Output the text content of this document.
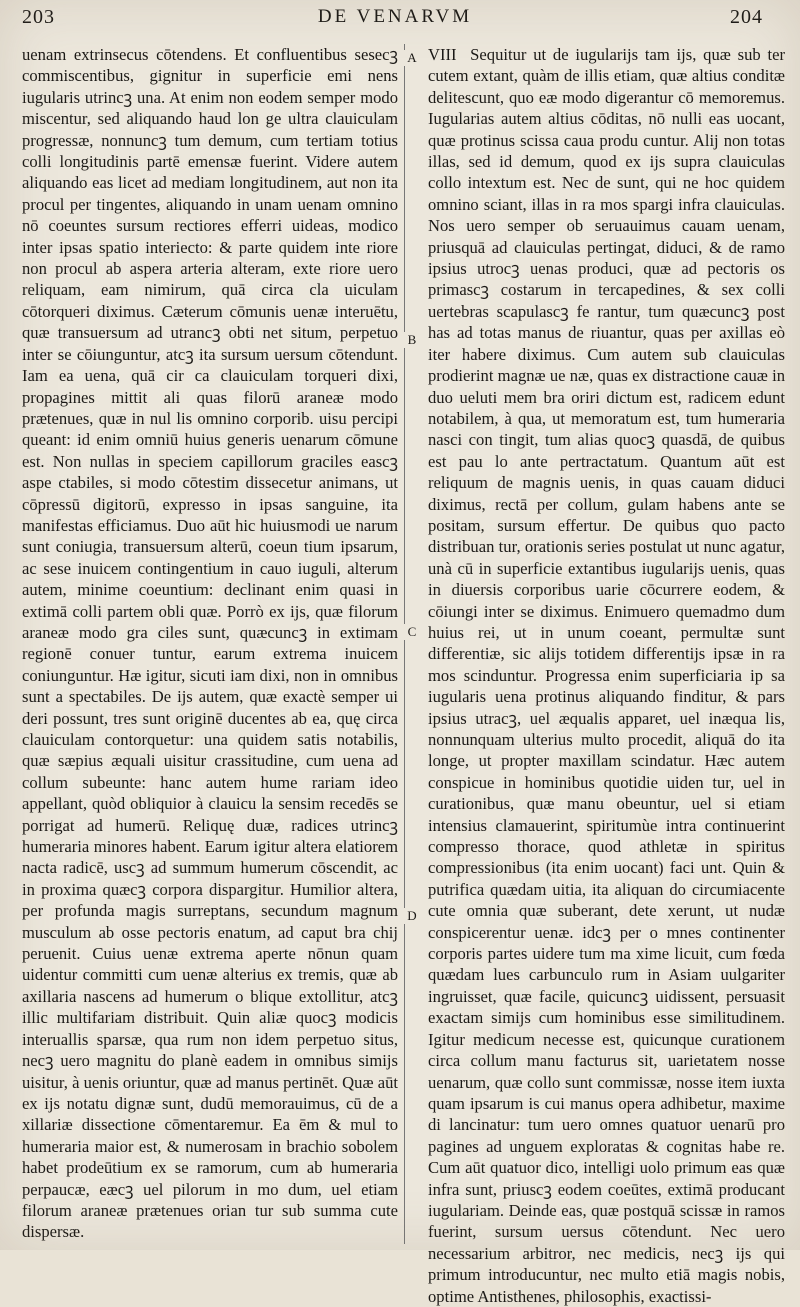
203	DE VENARVM	204

uenam extrinsecus cōtendens. Et confluentibus sesecꝫ commiscentibus, gignitur in superficie emi nens iugularis utrincꝫ una. At enim non eodem semper modo miscentur, sed aliquando haud lon ge ultra clauiculam progressæ, nonnuncꝫ tum demum, cum tertiam totius colli longitudinis partē emensæ fuerint. Videre autem aliquando eas licet ad mediam longitudinem, aut non ita procul per tingentes, aliquando in unam uenam omnino nō coeuntes sursum rectiores efferri uideas, modico inter ipsas spatio interiecto: & parte quidem inte riore non procul ab aspera arteria alteram, exte riore uero reliquam, eam nimirum, quā circa cla uiculam cōtorqueri diximus. Cæterum cōmunis uenæ interuētu, quæ transuersum ad utrancꝫ obti net situm, perpetuo inter se cōiunguntur, atcꝫ ita sursum uersum cōtendunt. Iam ea uena, quā cir ca clauiculam torqueri dixi, propagines mittit ali quas filorū araneæ modo prætenues, quæ in nul lis omnino corporib. uisu percipi queant: id enim omniū huius generis uenarum cōmune est. Non nullas in speciem capillorum graciles eascꝫ aspe ctabiles, si modo cōtestim dissecetur animans, ut cōpressū digitorū, expresso in ipsas sanguine, ita manifestas efficiamus. Duo aūt hic huiusmodi ue narum sunt coniugia, transuersum alterū, coeun tium ipsarum, ac sese inuicem contingentium in cauo iuguli, alterum autem, minime coeuntium: declinant enim quasi in extimā colli partem obli quæ. Porrò ex ijs, quæ filorum araneæ modo gra ciles sunt, quæcuncꝫ in extimam regionē conuer tuntur, earum extrema inuicem coniunguntur. Hæ igitur, sicuti iam dixi, non in omnibus sunt a spectabiles. De ijs autem, quæ exactè semper ui deri possunt, tres sunt originē ducentes ab ea, quę circa clauiculam contorquetur: una quidem satis notabilis, quæ sæpius æquali uisitur crassitudine, cum uena ad collum subeunte: hanc autem hume rariam ideo appellant, quòd obliquior à clauicu la sensim recedēs se porrigat ad humerū. Reliquę duæ, radices utrincꝫ humeraria minores habent. Earum igitur altera elatiorem nacta radicē, uscꝫ ad summum humerum cōscendit, ac in proxima quæcꝫ corpora dispargitur. Humilior altera, per profunda magis surreptans, secundum magnum musculum ab osse pectoris enatum, ad caput bra chij peruenit. Cuius uenæ extrema aperte nōnun quam uidentur committi cum uenæ alterius ex tremis, quæ ab axillaria nascens ad humerum o blique extollitur, atcꝫ illic multifariam distribuit. Quin aliæ quocꝫ modicis interuallis sparsæ, qua rum non idem perpetuo situs, necꝫ uero magnitu do planè eadem in omnibus simijs uisitur, à uenis oriuntur, quæ ad manus pertinēt. Quæ aūt ex ijs notatu dignæ sunt, dudū memorauimus, cū de a xillariæ dissectione cōmentaremur. Ea ēm & mul to humeraria maior est, & numerosam in brachio sobolem habet prodeūtium ex se ramorum, cum ab humeraria perpaucæ, eæcꝫ uel pilorum in mo dum, uel etiam filorum araneæ prætenues orian tur sub summa cute dispersæ.

A
B
C
D

VIII Sequitur ut de iugularijs tam ijs, quæ sub ter cutem extant, quàm de illis etiam, quæ altius conditæ delitescunt, quo eæ modo digerantur cō memoremus. Iugularias autem altius cōditas, nō nulli eas uocant, quæ protinus scissa caua produ cuntur. Alij non totas illas, sed id demum, quod ex ijs supra clauiculas collo intextum est. Nec de sunt, qui ne hoc quidem omnino sciant, illas in ra mos spargi infra clauiculas. Nos uero semper ob seruauimus cauam uenam, priusquā ad clauiculas pertingat, diduci, & de ramo ipsius utrocꝫ uenas produci, quæ ad pectoris os primascꝫ costarum in tercapedines, & sex colli uertebras scapulascꝫ fe rantur, tum quæcuncꝫ post has ad totas manus de riuantur, quas per axillas eò iter habere diximus. Cum autem sub clauiculas prodierint magnæ ue næ, quas ex distractione cauæ in duo ueluti mem bra oriri dictum est, radicem edunt notabilem, à qua, ut memoratum est, tum humeraria nasci con tingit, tum alias quocꝫ quasdā, de quibus est pau lo ante pertractatum. Quantum aūt est reliquum de magnis uenis, in quas cauam diduci diximus, rectā per collum, gulam habens ante se positam, sursum effertur. De quibus quo pacto distribuan tur, orationis series postulat ut nunc agatur, unà cū in superficie extantibus iugularijs uenis, quas in diuersis corporibus uarie cōcurrere eodem, & cōiungi inter se diximus. Enimuero quemadmo dum huius rei, ut in unum coeant, permultæ sunt differentiæ, sic alijs totidem differentijs ipsæ in ra mos scinduntur. Progressa enim superficiaria ip sa iugularis uena protinus aliquando finditur, & pars ipsius utracꝫ, uel æqualis apparet, uel inæqua lis, nonnunquam ulterius multo procedit, aliquā do ita longe, ut propter maxillam scindatur. Hæc autem conspicue in hominibus quotidie uiden tur, uel in curationibus, quæ manu obeuntur, uel si etiam intensius clamauerint, spiritumùe intra continuerint compresso thorace, quod athletæ in spiritus compressionibus (ita enim uocant) faci unt. Quin & putrifica quædam uitia, ita aliquan do circumiacente cute omnia quæ suberant, dete xerunt, ut nudæ conspicerentur uenæ. idcꝫ per o mnes continenter corporis partes uidere tum ma xime licuit, cum fœda quædam lues carbunculo rum in Asiam uulgariter ingruisset, quæ facile, quicuncꝫ uidissent, persuasit exactam simijs cum hominibus esse similitudinem. Igitur medicum necesse est, quicunque curationem circa collum manu facturus sit, uarietatem nosse uenarum, quæ collo sunt commissæ, nosse item iuxta quam ipsarum is cui manus opera adhibetur, maxime di lancinatur: tum uero omnes quatuor uenarū pro pagines ad unguem exploratas & cognitas habe re. Cum aūt quatuor dico, intelligi uolo primum eas quæ infra sunt, priuscꝫ eodem coeūtes, extimā producant iugulariam. Deinde eas, quæ postquā scissæ in ramos fuerint, sursum uersus cōtendunt. Nec uero necessarium arbitror, nec medicis, necꝫ ijs qui primum introducuntur, nec multo etiā magis nobis, optime Antisthenes, philosophis, exactissi-
